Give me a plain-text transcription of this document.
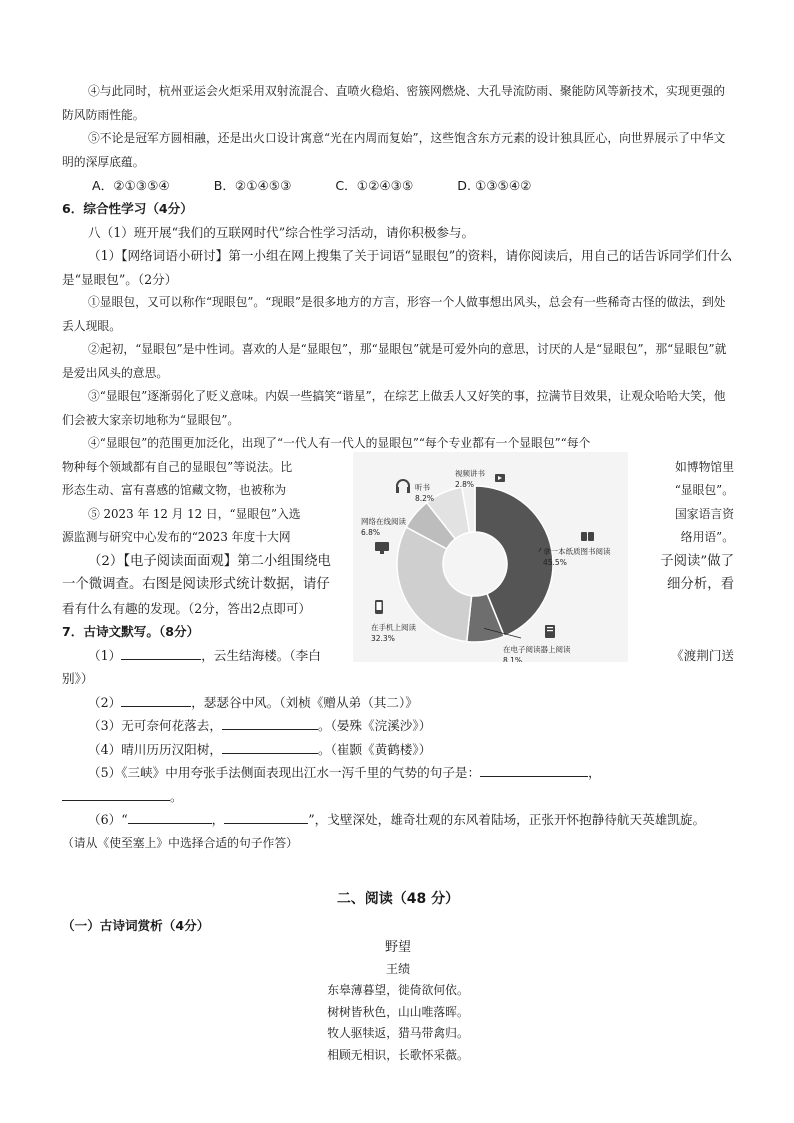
④与此同时，杭州亚运会火炬采用双射流混合、直喷火稳焰、密簇网燃烧、大孔导流防雨、聚能防风等新技术，实现更强的防风防雨性能。

⑤不论是冠军方圆相融，还是出火口设计寓意“光在内周而复始”，这些饱含东方元素的设计独具匠心，向世界展示了中华文明的深厚底蕴。

A．②①③⑤④	B．②①④⑤③	C．①②④③⑤	D. ①③⑤④②

6．综合性学习（4分）

八（1）班开展“我们的互联网时代”综合性学习活动，请你积极参与。

（1）【网络词语小研讨】第一小组在网上搜集了关于词语“显眼包”的资料，请你阅读后，用自己的话告诉同学们什么是“显眼包”。（2分）

①显眼包，又可以称作“现眼包”。“现眼”是很多地方的方言，形容一个人做事想出风头，总会有一些稀奇古怪的做法，到处丢人现眼。

②起初，“显眼包”是中性词。喜欢的人是“显眼包”，那“显眼包”就是可爱外向的意思，讨厌的人是“显眼包”，那“显眼包”就是爱出风头的意思。

③“显眼包”逐渐弱化了贬义意味。内娱一些搞笑“谐星”，在综艺上做丢人又好笑的事，拉满节目效果，让观众哈哈大笑，他们会被大家亲切地称为“显眼包”。

④“显眼包”的范围更加泛化，出现了“一代人有一代人的显眼包”“每个专业都有一个显眼包”“每个

物种每个领域都有自己的显眼包”等说法。比	如博物馆里

形态生动、富有喜感的馆藏文物，也被称为	“显眼包”。

⑤ 2023 年 12 月 12 日，“显眼包”入选	国家语言资

源监测与研究中心发布的“2023 年度十大网	络用语”。

（2）【电子阅读面面观】第二小组围绕电	子阅读”做了

一个微调查。右图是阅读形式统计数据，请仔	细分析，看

看有什么有趣的发现。（2分，答出2点即可）

7．古诗文默写。（8分）

（1）	，云生结海楼。（李白	《渡荆门送

别》）

（2）	，瑟瑟谷中风。（刘桢《赠从弟（其二）》

（3）无可奈何花落去，	。（晏殊《浣溪沙》）

（4）晴川历历汉阳树，	。（崔颢《黄鹤楼》）

（5）《三峡》中用夸张手法侧面表现出江水一泻千里的气势的句子是：	，

。

（6）“	，	”，戈壁深处，雄奇壮观的东风着陆场，正张开怀抱静待航天英雄凯旋。

（请从《使至塞上》中选择合适的句子作答）

二、阅读（48 分）
（一）古诗词赏析（4分）
野望
王绩
东皋薄暮望，徙倚欲何依。
树树皆秋色，山山唯落晖。
牧人驱犊返，猎马带禽归。
相顾无相识，长歌怀采薇。
拿一本纸质图书阅读
45.5%
在电子阅读器上阅读
8.1%
在手机上阅读
32.3%
网络在线阅读
6.8%
听书
8.2%
视频讲书
2.8%
